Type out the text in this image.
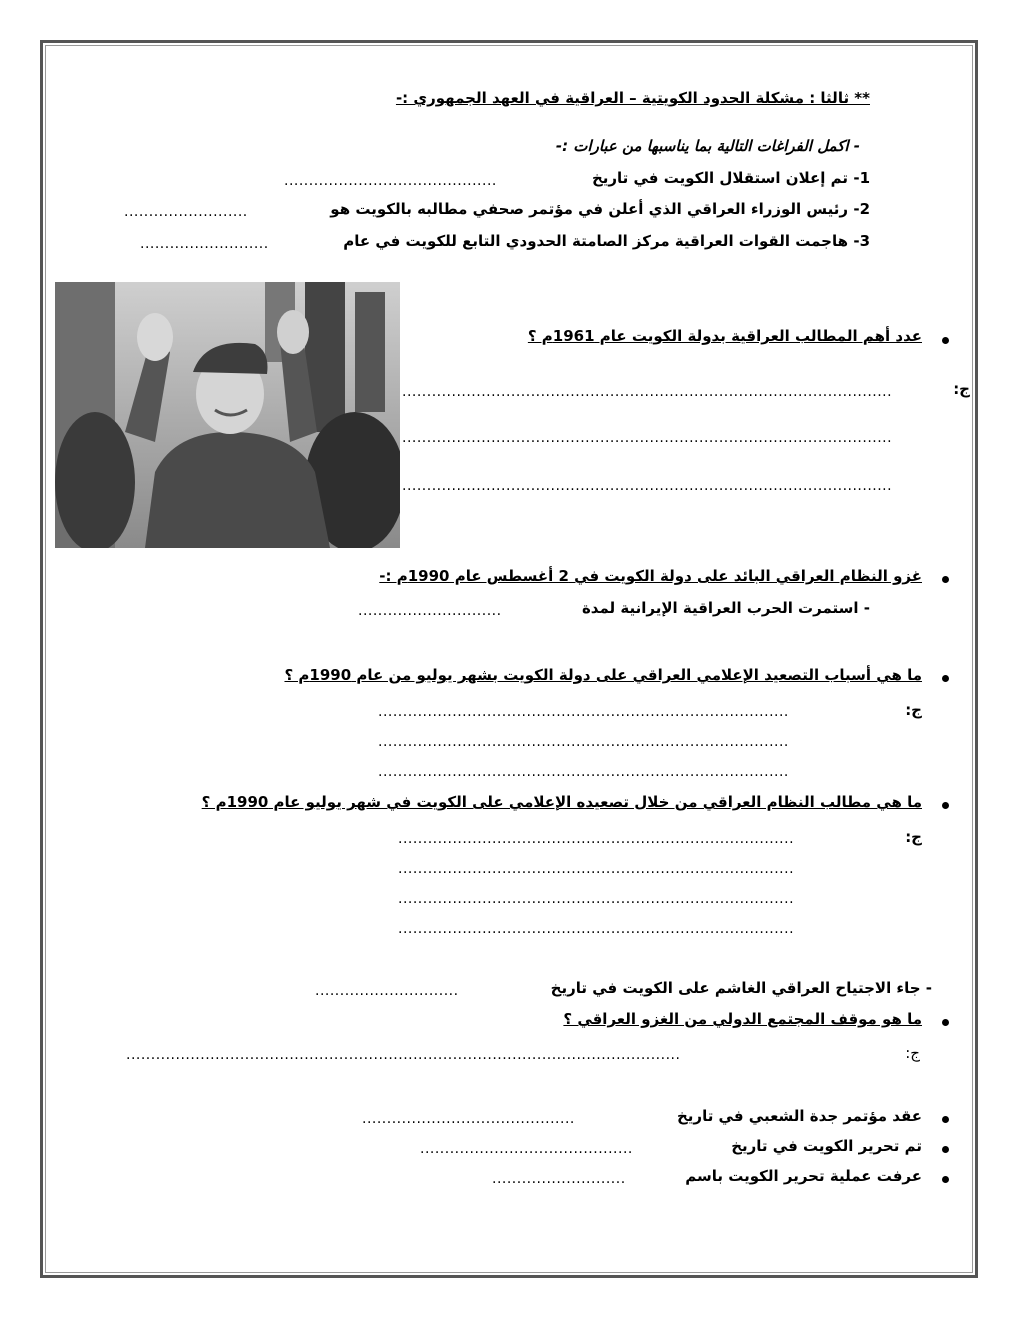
** ثالثا : مشكلة الحدود الكويتية – العراقية في العهد الجمهوري :-
- اكمل الفراغات التالية بما يناسبها من عبارات :-
1-
تم إعلان استقلال الكويت في تاريخ
...........................................
2-
رئيس الوزراء العراقي الذي أعلن في مؤتمر صحفي مطالبه بالكويت هو
.........................
3-
هاجمت القوات العراقية مركز الصامتة الحدودي التابع للكويت في عام
..........................
عدد أهم المطالب العراقية بدولة الكويت عام 1961م ؟
ج:
...................................................................................................
...................................................................................................
...................................................................................................
غزو النظام العراقي البائد على دولة الكويت في 2 أغسطس عام 1990م :-
- استمرت الحرب العراقية الإيرانية لمدة
.............................
ما هي أسباب التصعيد الإعلامي العراقي على دولة الكويت بشهر يوليو من عام 1990م ؟
ج:
...................................................................................
...................................................................................
...................................................................................
ما هي مطالب النظام العراقي من خلال تصعيده الإعلامي على الكويت في شهر يوليو عام 1990م ؟
ج:
................................................................................
................................................................................
................................................................................
................................................................................
- جاء الاجتياح العراقي الغاشم على الكويت في تاريخ
.............................
ما هو موقف المجتمع الدولي من الغزو العراقي ؟
ج:
................................................................................................................
عقد مؤتمر جدة الشعبي في تاريخ
...........................................
تم تحرير الكويت في تاريخ
...........................................
عرفت عملية تحرير الكويت باسم
...........................
